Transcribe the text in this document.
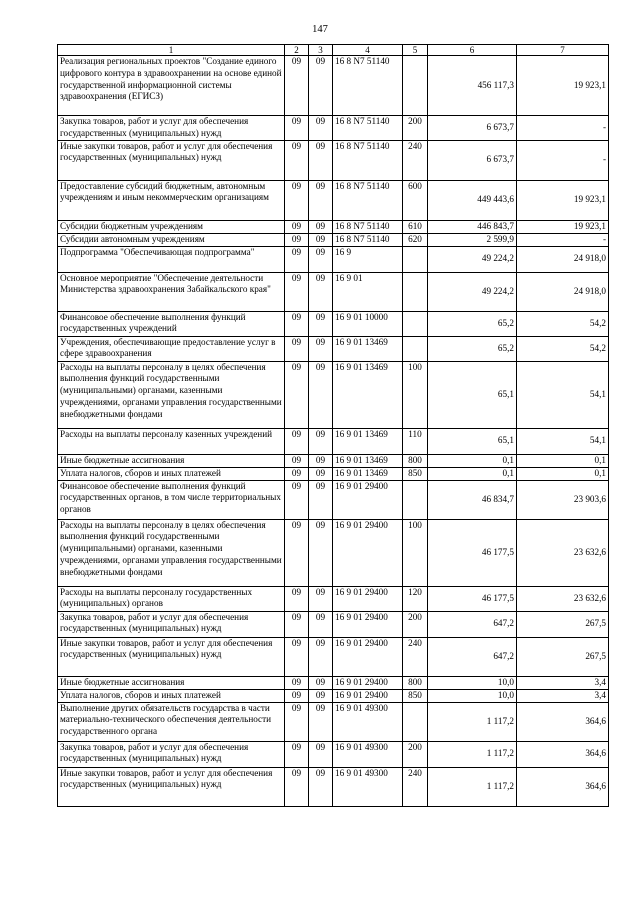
147
1	2	3	4	5	6	7
Реализация региональных проектов "Создание единого цифрового контура в здравоохранении на основе единой государственной информационной системы здравоохранения (ЕГИСЗ)	09	09	16 8 N7 51140		456 117,3	19 923,1
Закупка товаров, работ и услуг для обеспечения государственных (муниципальных) нужд	09	09	16 8 N7 51140	200	6 673,7	-
Иные закупки товаров, работ и услуг для обеспечения государственных (муниципальных) нужд	09	09	16 8 N7 51140	240	6 673,7	-
Предоставление субсидий бюджетным, автономным учреждениям и иным некоммерческим организациям	09	09	16 8 N7 51140	600	449 443,6	19 923,1
Субсидии бюджетным учреждениям	09	09	16 8 N7 51140	610	446 843,7	19 923,1
Субсидии автономным учреждениям	09	09	16 8 N7 51140	620	2 599,9	-
Подпрограмма "Обеспечивающая подпрограмма"	09	09	16 9		49 224,2	24 918,0
Основное мероприятие "Обеспечение деятельности Министерства здравоохранения Забайкальского края"	09	09	16 9 01		49 224,2	24 918,0
Финансовое обеспечение выполнения функций государственных учреждений	09	09	16 9 01 10000		65,2	54,2
Учреждения, обеспечивающие предоставление услуг в сфере здравоохранения	09	09	16 9 01 13469		65,2	54,2
Расходы на выплаты персоналу в целях обеспечения выполнения функций государственными (муниципальными) органами, казенными учреждениями, органами управления государственными внебюджетными фондами	09	09	16 9 01 13469	100	65,1	54,1
Расходы на выплаты персоналу казенных учреждений	09	09	16 9 01 13469	110	65,1	54,1
Иные бюджетные ассигнования	09	09	16 9 01 13469	800	0,1	0,1
Уплата налогов, сборов и иных платежей	09	09	16 9 01 13469	850	0,1	0,1
Финансовое обеспечение выполнения функций государственных органов, в том числе территориальных органов	09	09	16 9 01 29400		46 834,7	23 903,6
Расходы на выплаты персоналу в целях обеспечения выполнения функций государственными (муниципальными) органами, казенными учреждениями, органами управления государственными внебюджетными фондами	09	09	16 9 01 29400	100	46 177,5	23 632,6
Расходы на выплаты персоналу государственных (муниципальных) органов	09	09	16 9 01 29400	120	46 177,5	23 632,6
Закупка товаров, работ и услуг для обеспечения государственных (муниципальных) нужд	09	09	16 9 01 29400	200	647,2	267,5
Иные закупки товаров, работ и услуг для обеспечения государственных (муниципальных) нужд	09	09	16 9 01 29400	240	647,2	267,5
Иные бюджетные ассигнования	09	09	16 9 01 29400	800	10,0	3,4
Уплата налогов, сборов и иных платежей	09	09	16 9 01 29400	850	10,0	3,4
Выполнение других обязательств государства в части материально-технического обеспечения деятельности государственного органа	09	09	16 9 01 49300		1 117,2	364,6
Закупка товаров, работ и услуг для обеспечения государственных (муниципальных) нужд	09	09	16 9 01 49300	200	1 117,2	364,6
Иные закупки товаров, работ и услуг для обеспечения государственных (муниципальных) нужд	09	09	16 9 01 49300	240	1 117,2	364,6
